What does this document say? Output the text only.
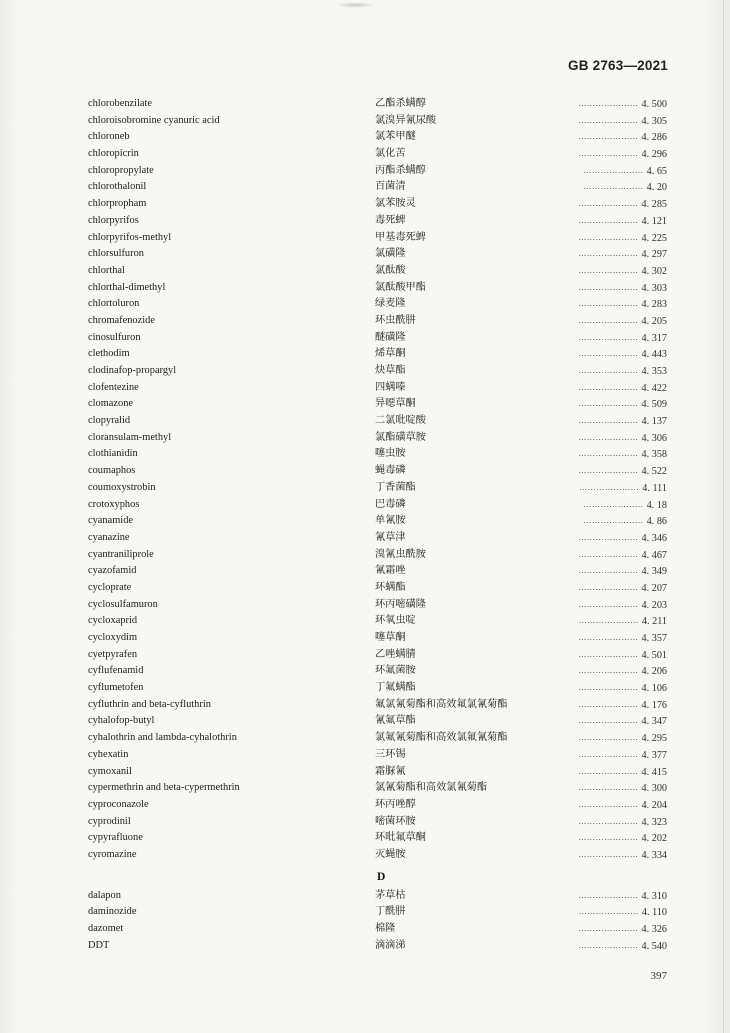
GB 2763—2021
chlorobenzilate	乙酯杀螨醇	………………… 4. 500
chloroisobromine cyanuric acid	氯溴异氰尿酸	………………… 4. 305
chloroneb	氯苯甲醚	………………… 4. 286
chloropicrin	氯化苦	………………… 4. 296
chloropropylate	丙酯杀螨醇	………………… 4. 65
chlorothalonil	百菌清	………………… 4. 20
chlorpropham	氯苯胺灵	………………… 4. 285
chlorpyrifos	毒死蜱	………………… 4. 121
chlorpyrifos-methyl	甲基毒死蜱	………………… 4. 225
chlorsulfuron	氯磺隆	………………… 4. 297
chlorthal	氯酞酸	………………… 4. 302
chlorthal-dimethyl	氯酞酸甲酯	………………… 4. 303
chlortoluron	绿麦隆	………………… 4. 283
chromafenozide	环虫酰肼	………………… 4. 205
cinosulfuron	醚磺隆	………………… 4. 317
clethodim	烯草酮	………………… 4. 443
clodinafop-propargyl	炔草酯	………………… 4. 353
clofentezine	四螨嗪	………………… 4. 422
clomazone	异噁草酮	………………… 4. 509
clopyralid	二氯吡啶酸	………………… 4. 137
cloransulam-methyl	氯酯磺草胺	………………… 4. 306
clothianidin	噻虫胺	………………… 4. 358
coumaphos	蝇毒磷	………………… 4. 522
coumoxystrobin	丁香菌酯	………………… 4. 111
crotoxyphos	巴毒磷	………………… 4. 18
cyanamide	单氰胺	………………… 4. 86
cyanazine	氰草津	………………… 4. 346
cyantraniliprole	溴氰虫酰胺	………………… 4. 467
cyazofamid	氰霜唑	………………… 4. 349
cycloprate	环螨酯	………………… 4. 207
cyclosulfamuron	环丙嘧磺隆	………………… 4. 203
cycloxaprid	环氧虫啶	………………… 4. 211
cycloxydim	噻草酮	………………… 4. 357
cyetpyrafen	乙唑螨腈	………………… 4. 501
cyflufenamid	环氟菌胺	………………… 4. 206
cyflumetofen	丁氟螨酯	………………… 4. 106
cyfluthrin and beta-cyfluthrin	氟氯氰菊酯和高效氟氯氰菊酯	………………… 4. 176
cyhalofop-butyl	氰氟草酯	………………… 4. 347
cyhalothrin and lambda-cyhalothrin	氯氟氰菊酯和高效氯氟氰菊酯	………………… 4. 295
cyhexatin	三环锡	………………… 4. 377
cymoxanil	霜脲氰	………………… 4. 415
cypermethrin and beta-cypermethrin	氯氰菊酯和高效氯氰菊酯	………………… 4. 300
cyproconazole	环丙唑醇	………………… 4. 204
cyprodinil	嘧菌环胺	………………… 4. 323
cypyrafluone	环吡氟草酮	………………… 4. 202
cyromazine	灭蝇胺	………………… 4. 334
D
dalapon	茅草枯	………………… 4. 310
daminozide	丁酰肼	………………… 4. 110
dazomet	棉隆	………………… 4. 326
DDT	滴滴涕	………………… 4. 540
397
